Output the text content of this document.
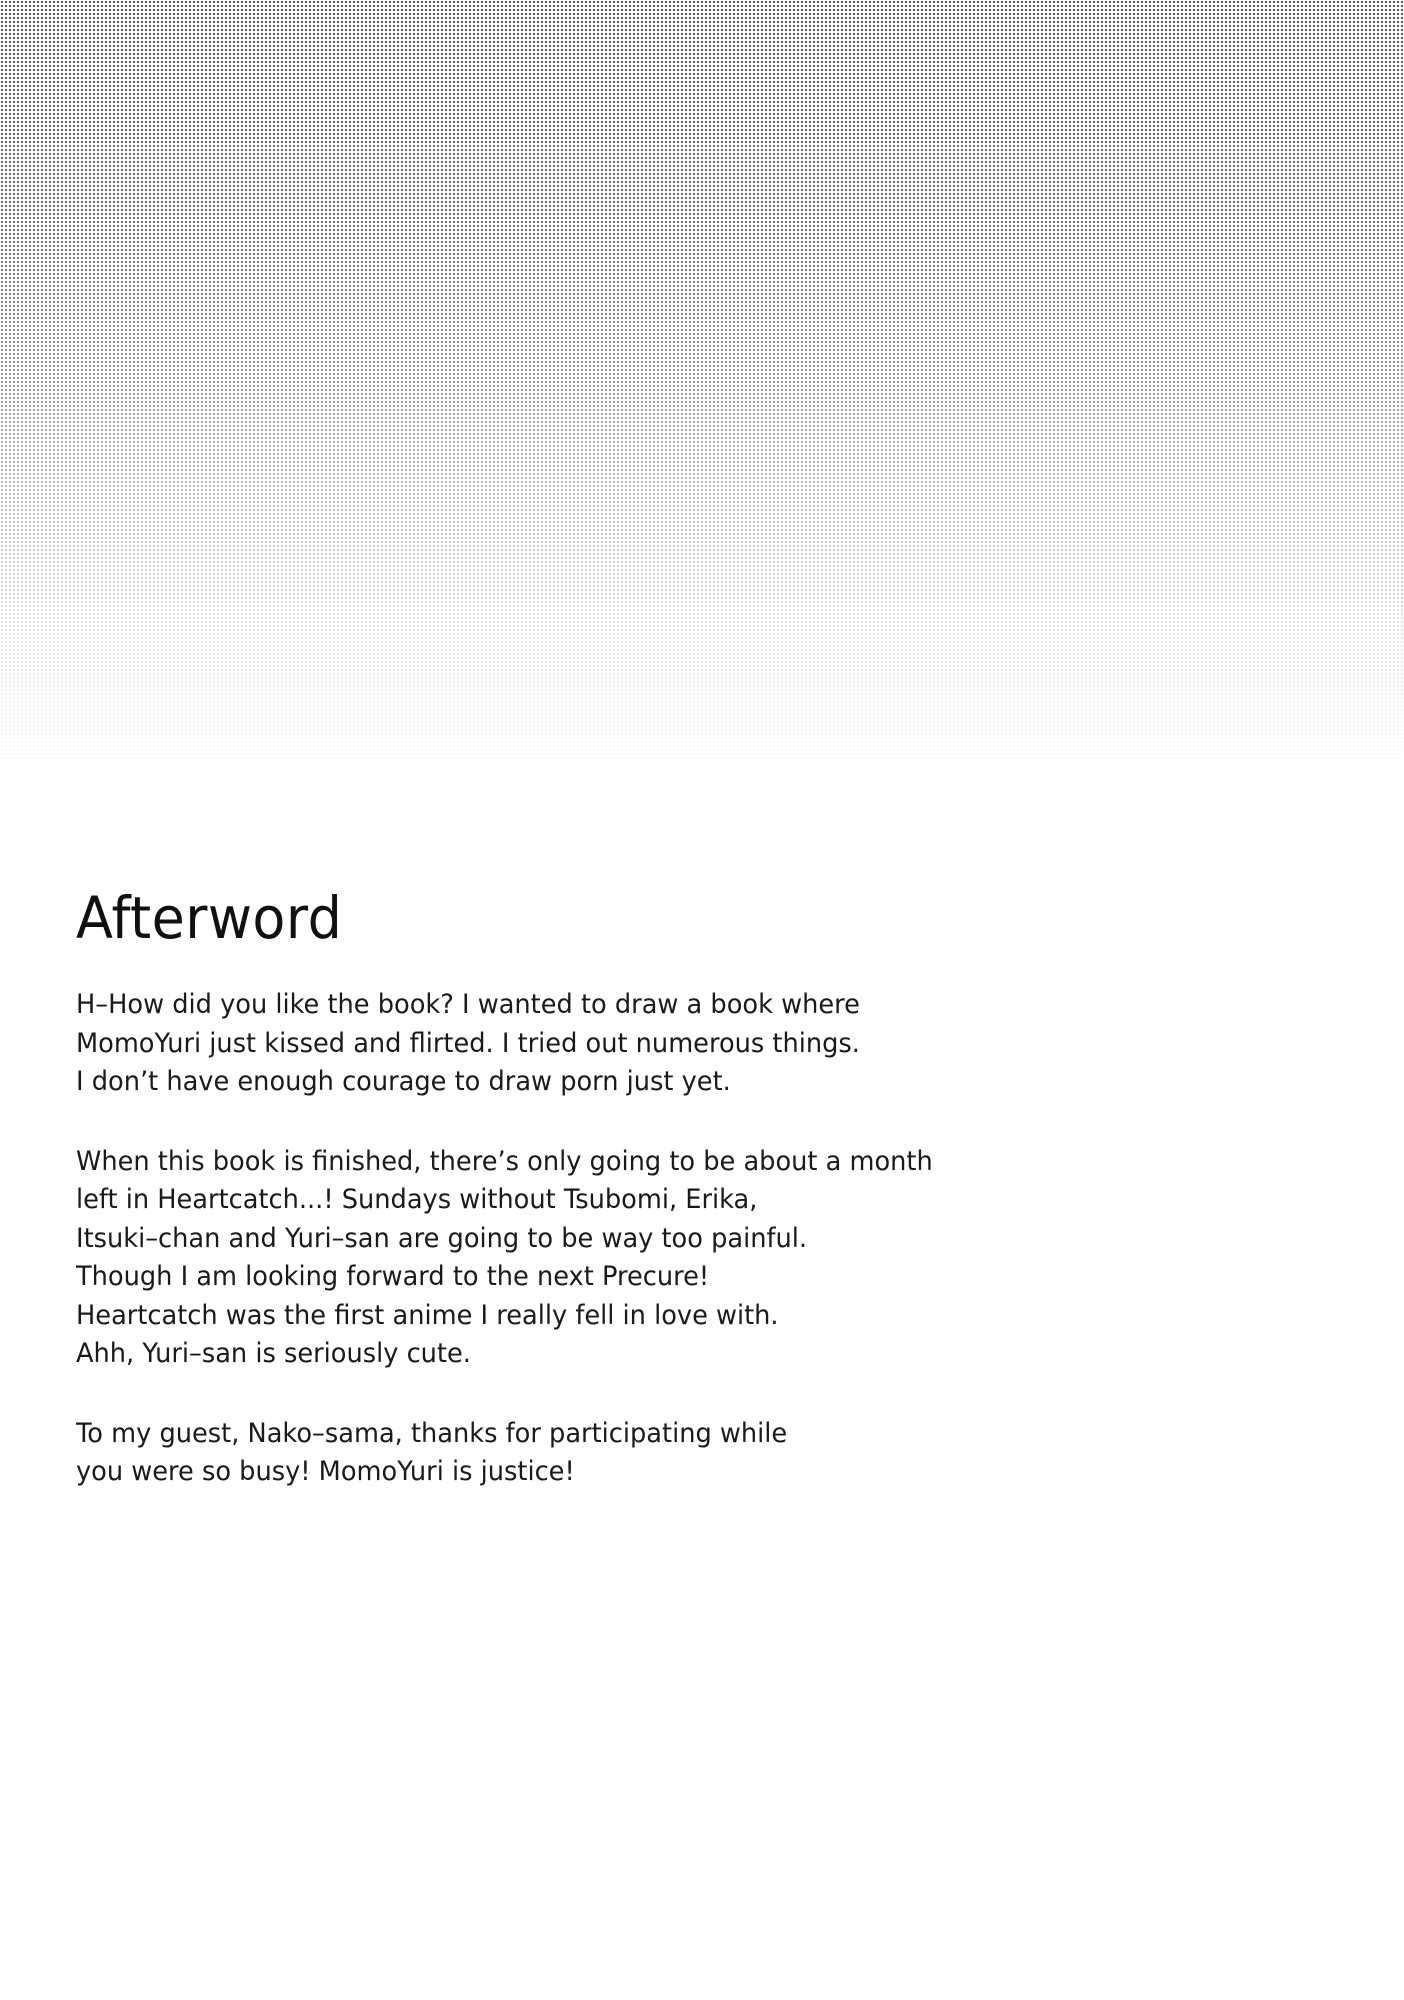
Afterword

H–How did you like the book? I wanted to draw a book where
MomoYuri just kissed and flirted. I tried out numerous things.
I don’t have enough courage to draw porn just yet.

When this book is finished, there’s only going to be about a month
left in Heartcatch...! Sundays without Tsubomi, Erika,
Itsuki–chan and Yuri–san are going to be way too painful.
Though I am looking forward to the next Precure!
Heartcatch was the first anime I really fell in love with.
Ahh, Yuri–san is seriously cute.

To my guest, Nako–sama, thanks for participating while
you were so busy! MomoYuri is justice!
